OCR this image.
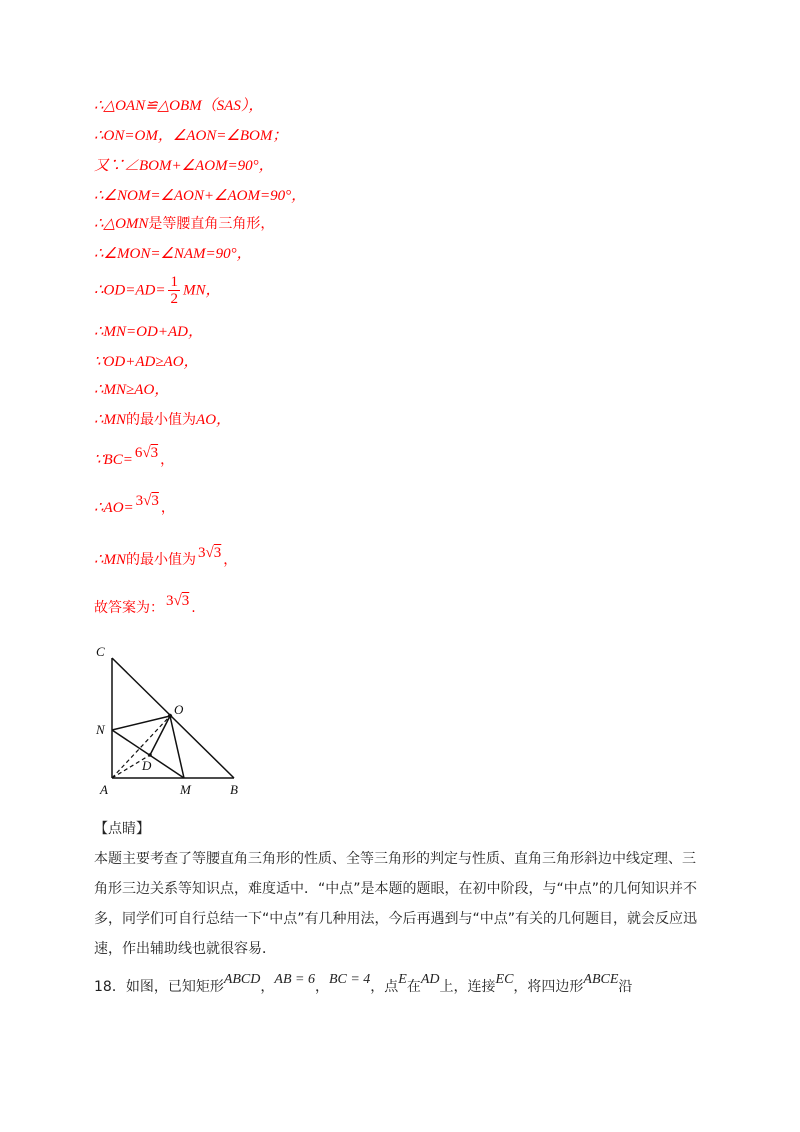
∴△OAN≌△OBM（SAS），
∴ON=OM，∠AON=∠BOM；
又∵∠BOM+∠AOM=90°，
∴∠NOM=∠AON+∠AOM=90°，
∴△OMN是等腰直角三角形，
∴∠MON=∠NAM=90°，
∴OD=AD= $\frac{1}{2}$ MN，
∴MN=OD+AD，
∵OD+AD≥AO，
∴MN≥AO，
∴MN的最小值为AO，
∵BC= 6√3 ，
∴AO= 3√3 ，
∴MN的最小值为 3√3 ，
故答案为： 3√3 .
C
O
N
D
A	M	B
【点睛】
本题主要考查了等腰直角三角形的性质、全等三角形的判定与性质、直角三角形斜边中线定理、三角形三边关系等知识点，难度适中．“中点”是本题的题眼，在初中阶段，与“中点”的几何知识并不多，同学们可自行总结一下“中点”有几种用法，今后再遇到与“中点”有关的几何题目，就会反应迅速，作出辅助线也就很容易．
18．如图，已知矩形ABCD，AB = 6，BC = 4，点E在AD上，连接EC，将四边形ABCE沿
